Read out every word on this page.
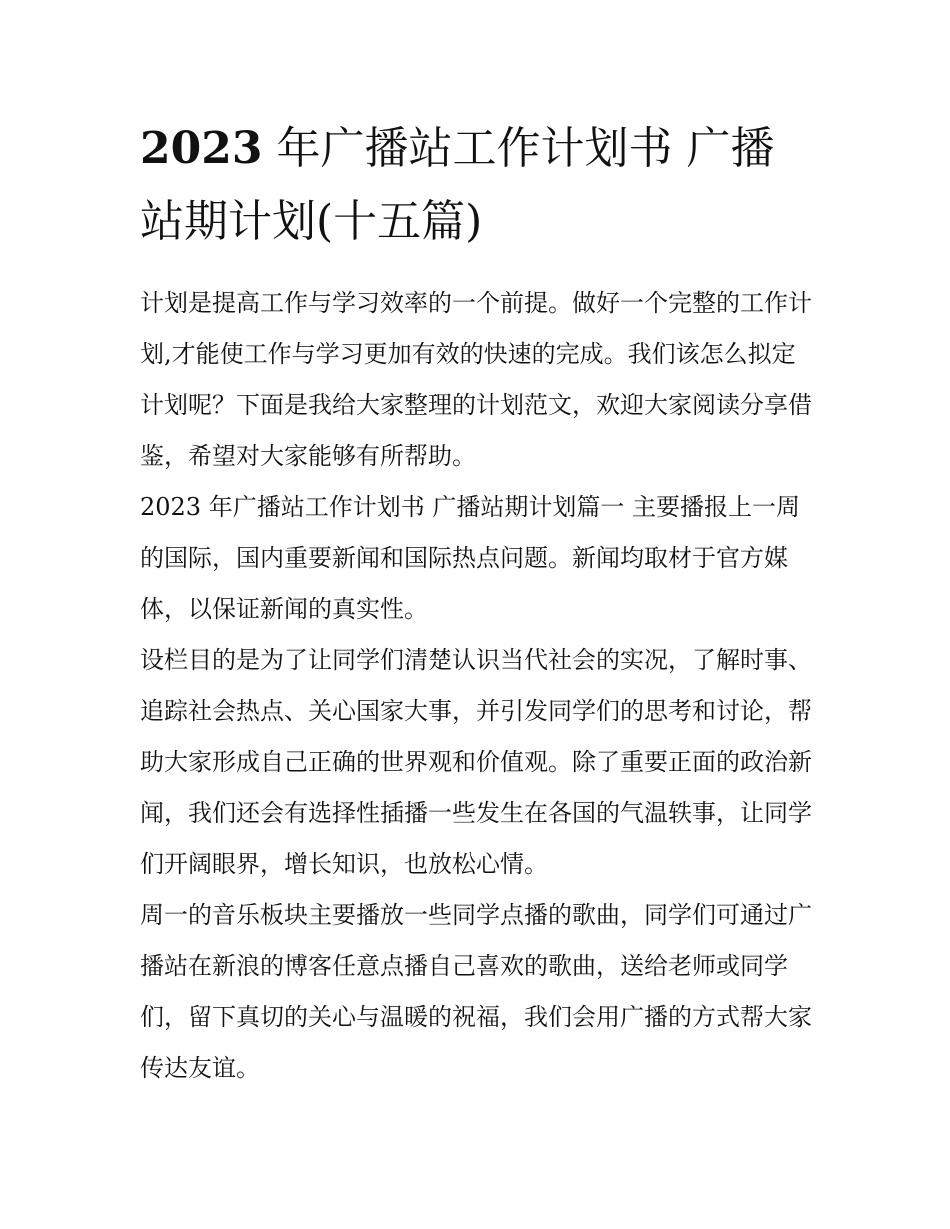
2023 年广播站工作计划书 广播站期计划(十五篇)

计划是提高工作与学习效率的一个前提。做好一个完整的工作计划,才能使工作与学习更加有效的快速的完成。我们该怎么拟定计划呢？下面是我给大家整理的计划范文，欢迎大家阅读分享借鉴，希望对大家能够有所帮助。

2023 年广播站工作计划书 广播站期计划篇一 主要播报上一周的国际，国内重要新闻和国际热点问题。新闻均取材于官方媒体，以保证新闻的真实性。

设栏目的是为了让同学们清楚认识当代社会的实况，了解时事、追踪社会热点、关心国家大事，并引发同学们的思考和讨论，帮助大家形成自己正确的世界观和价值观。除了重要正面的政治新闻，我们还会有选择性插播一些发生在各国的气温轶事，让同学们开阔眼界，增长知识，也放松心情。

周一的音乐板块主要播放一些同学点播的歌曲，同学们可通过广播站在新浪的博客任意点播自己喜欢的歌曲，送给老师或同学们，留下真切的关心与温暖的祝福，我们会用广播的方式帮大家传达友谊。
